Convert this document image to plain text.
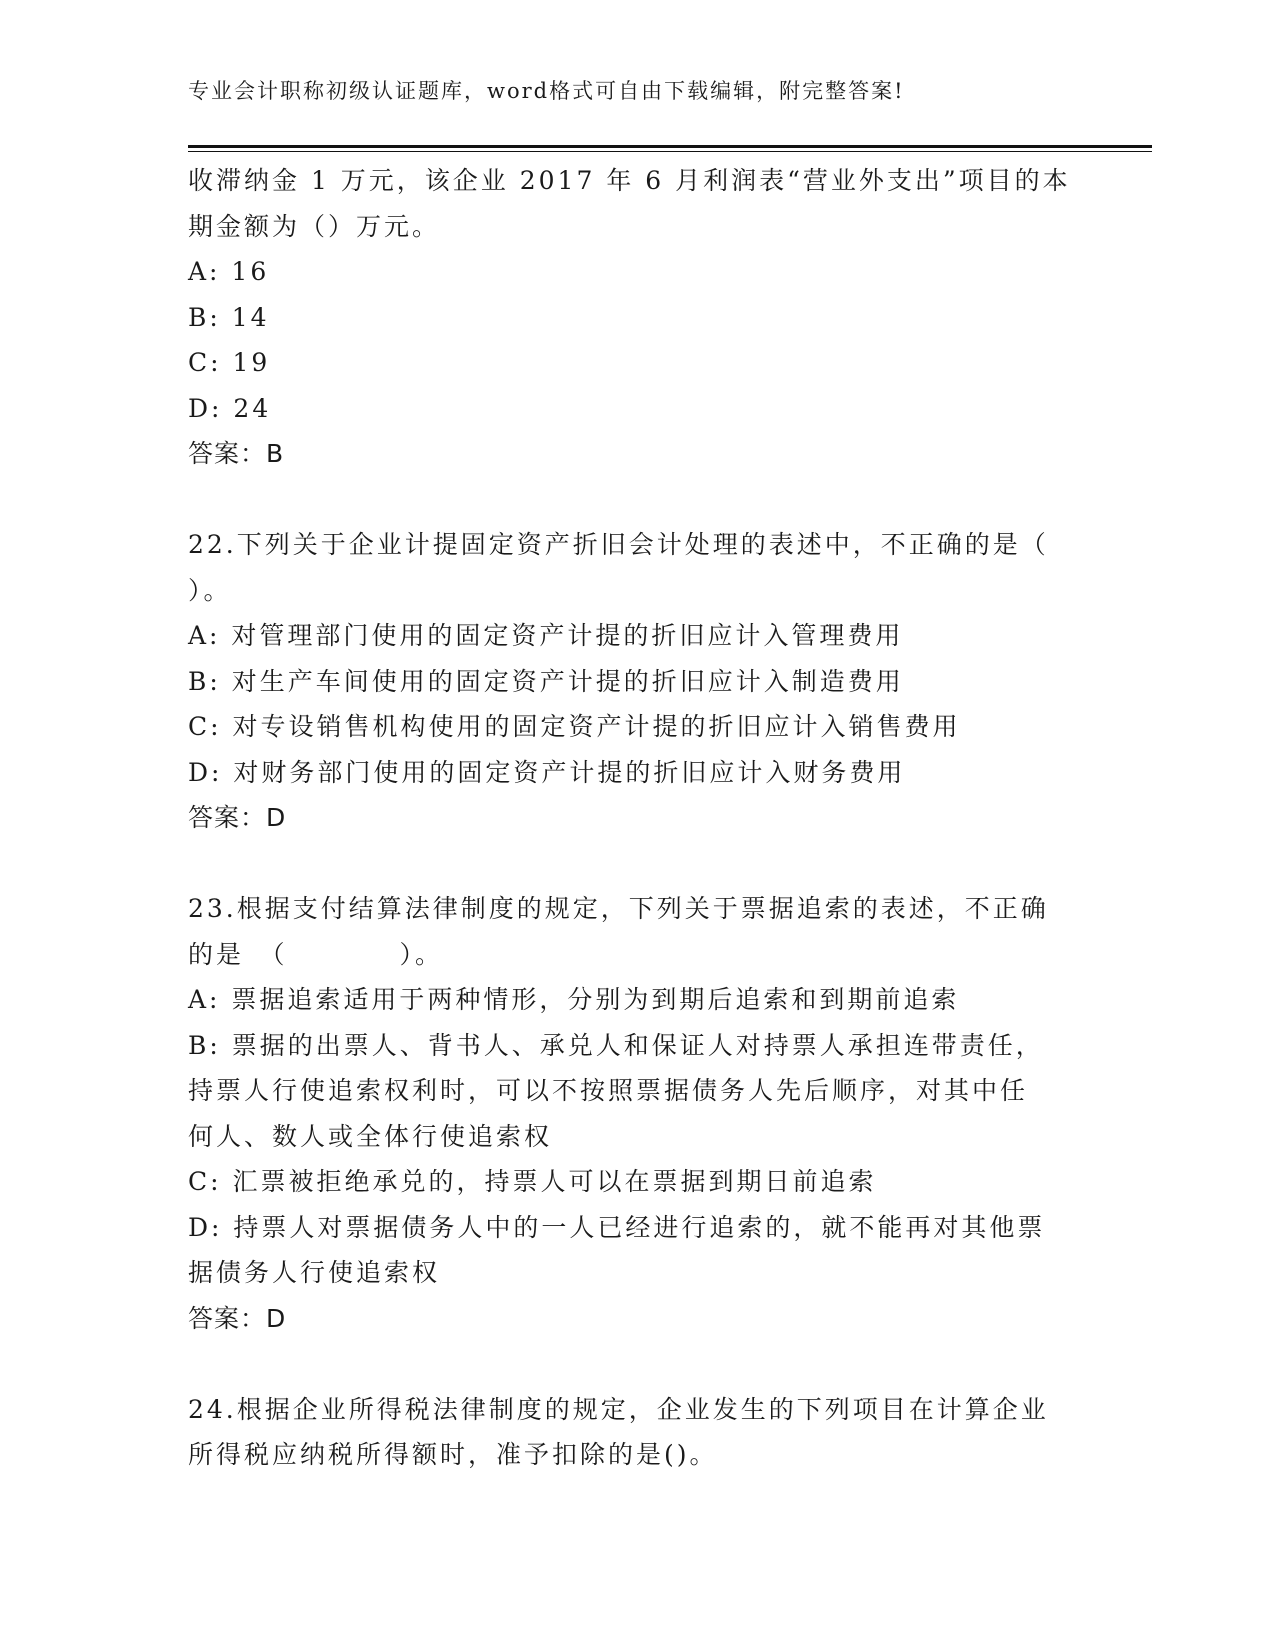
专业会计职称初级认证题库，word格式可自由下载编辑，附完整答案!
收滞纳金 1 万元，该企业 2017 年 6 月利润表“营业外支出”项目的本
期金额为（）万元。
A: 16
B: 14
C: 19
D: 24
答案：B
22.下列关于企业计提固定资产折旧会计处理的表述中，不正确的是（
）。
A: 对管理部门使用的固定资产计提的折旧应计入管理费用
B: 对生产车间使用的固定资产计提的折旧应计入制造费用
C: 对专设销售机构使用的固定资产计提的折旧应计入销售费用
D: 对财务部门使用的固定资产计提的折旧应计入财务费用
答案：D
23.根据支付结算法律制度的规定，下列关于票据追索的表述，不正确
的是　（　　　　）。
A: 票据追索适用于两种情形，分别为到期后追索和到期前追索
B: 票据的出票人、背书人、承兑人和保证人对持票人承担连带责任，
持票人行使追索权利时，可以不按照票据债务人先后顺序，对其中任
何人、数人或全体行使追索权
C: 汇票被拒绝承兑的，持票人可以在票据到期日前追索
D: 持票人对票据债务人中的一人已经进行追索的，就不能再对其他票
据债务人行使追索权
答案：D
24.根据企业所得税法律制度的规定，企业发生的下列项目在计算企业
所得税应纳税所得额时，准予扣除的是()。
